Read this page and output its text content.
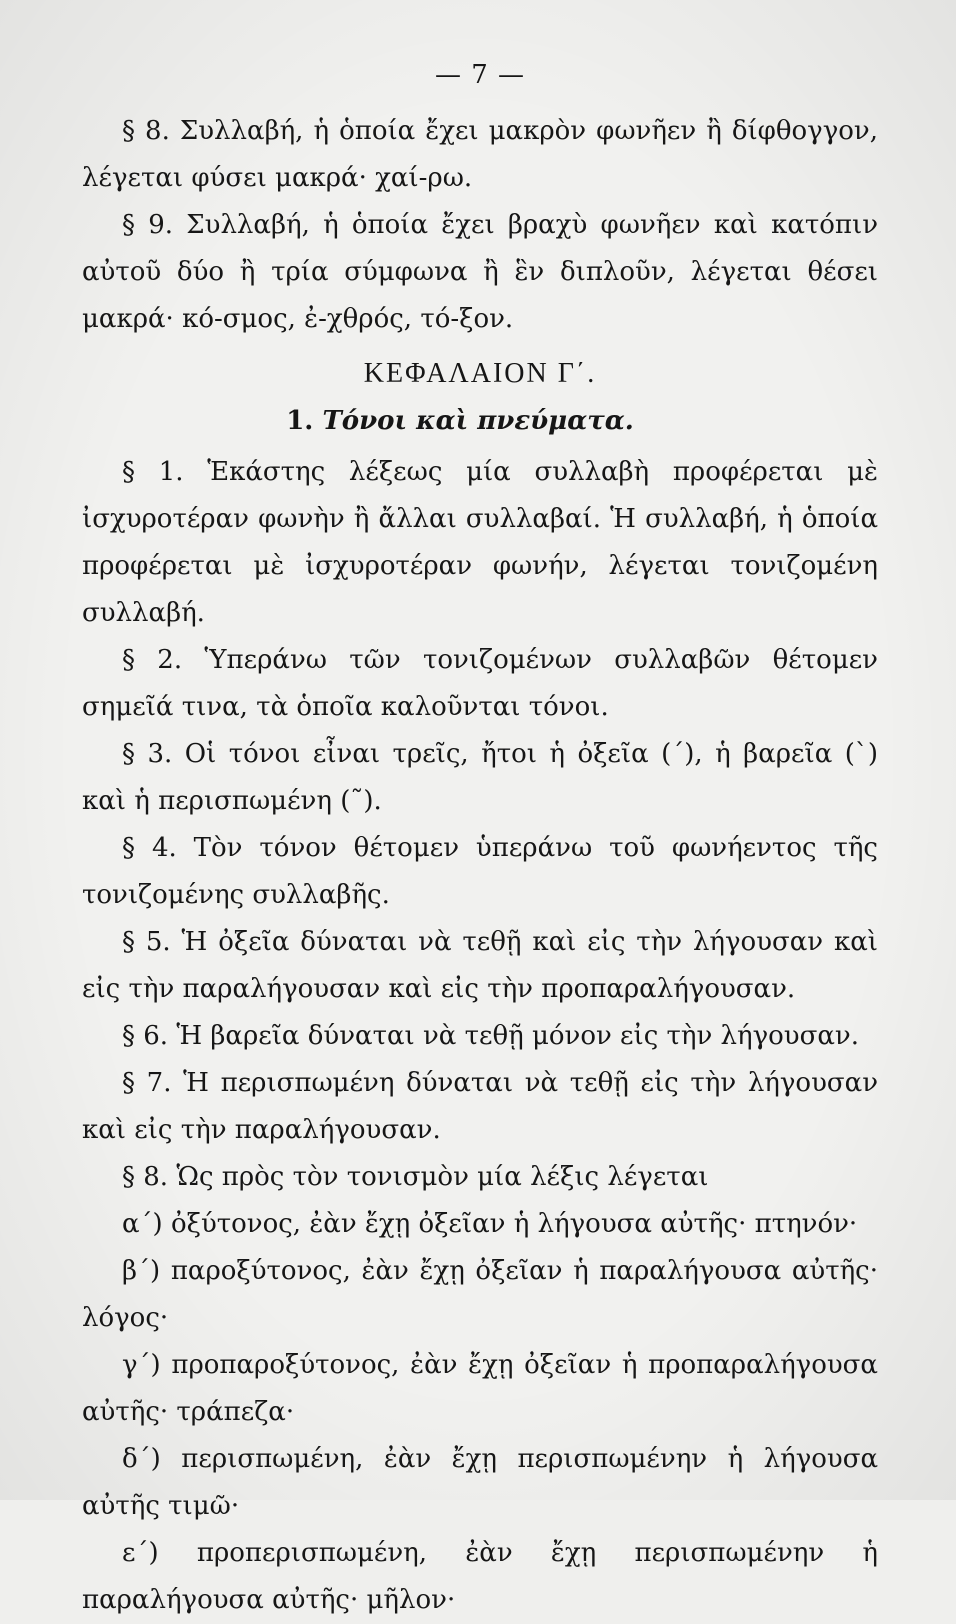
— 7 —

§ 8. Συλλαβή, ἡ ὁποία ἔχει μακρὸν φωνῆεν ἢ δίφθογγον, λέγεται φύσει μακρά· χαί-ρω.

§ 9. Συλλαβή, ἡ ὁποία ἔχει βραχὺ φωνῆεν καὶ κατόπιν αὐτοῦ δύο ἢ τρία σύμφωνα ἢ ἓν διπλοῦν, λέγεται θέσει μακρά· κό-σμος, ἐ-χθρός, τό-ξον.

ΚΕΦΑΛΑΙΟΝ Γ΄.
1. Τόνοι καὶ πνεύματα.

§ 1. Ἑκάστης λέξεως μία συλλαβὴ προφέρεται μὲ ἰσχυροτέραν φωνὴν ἢ ἄλλαι συλλαβαί. Ἡ συλλαβή, ἡ ὁποία προφέρεται μὲ ἰσχυροτέραν φωνήν, λέγεται τονιζομένη συλλαβή.

§ 2. Ὑπεράνω τῶν τονιζομένων συλλαβῶν θέτομεν σημεῖά τινα, τὰ ὁποῖα καλοῦνται τόνοι.

§ 3. Οἱ τόνοι εἶναι τρεῖς, ἤτοι ἡ ὀξεῖα (΄), ἡ βαρεῖα (`) καὶ ἡ περισπωμένη (῀).

§ 4. Τὸν τόνον θέτομεν ὑπεράνω τοῦ φωνήεντος τῆς τονιζομένης συλλαβῆς.

§ 5. Ἡ ὀξεῖα δύναται νὰ τεθῇ καὶ εἰς τὴν λήγουσαν καὶ εἰς τὴν παραλήγουσαν καὶ εἰς τὴν προπαραλήγουσαν.

§ 6. Ἡ βαρεῖα δύναται νὰ τεθῇ μόνον εἰς τὴν λήγουσαν.

§ 7. Ἡ περισπωμένη δύναται νὰ τεθῇ εἰς τὴν λήγουσαν καὶ εἰς τὴν παραλήγουσαν.

§ 8. Ὡς πρὸς τὸν τονισμὸν μία λέξις λέγεται

α΄) ὀξύτονος, ἐὰν ἔχῃ ὀξεῖαν ἡ λήγουσα αὐτῆς· πτηνόν·

β΄) παροξύτονος, ἐὰν ἔχῃ ὀξεῖαν ἡ παραλήγουσα αὐτῆς· λόγος·

γ΄) προπαροξύτονος, ἐὰν ἔχῃ ὀξεῖαν ἡ προπαραλήγουσα αὐτῆς· τράπεζα·

δ΄) περισπωμένη, ἐὰν ἔχῃ περισπωμένην ἡ λήγουσα αὐτῆς τιμῶ·

ε΄) προπερισπωμένη, ἐὰν ἔχῃ περισπωμένην ἡ παραλήγουσα αὐτῆς· μῆλον·
